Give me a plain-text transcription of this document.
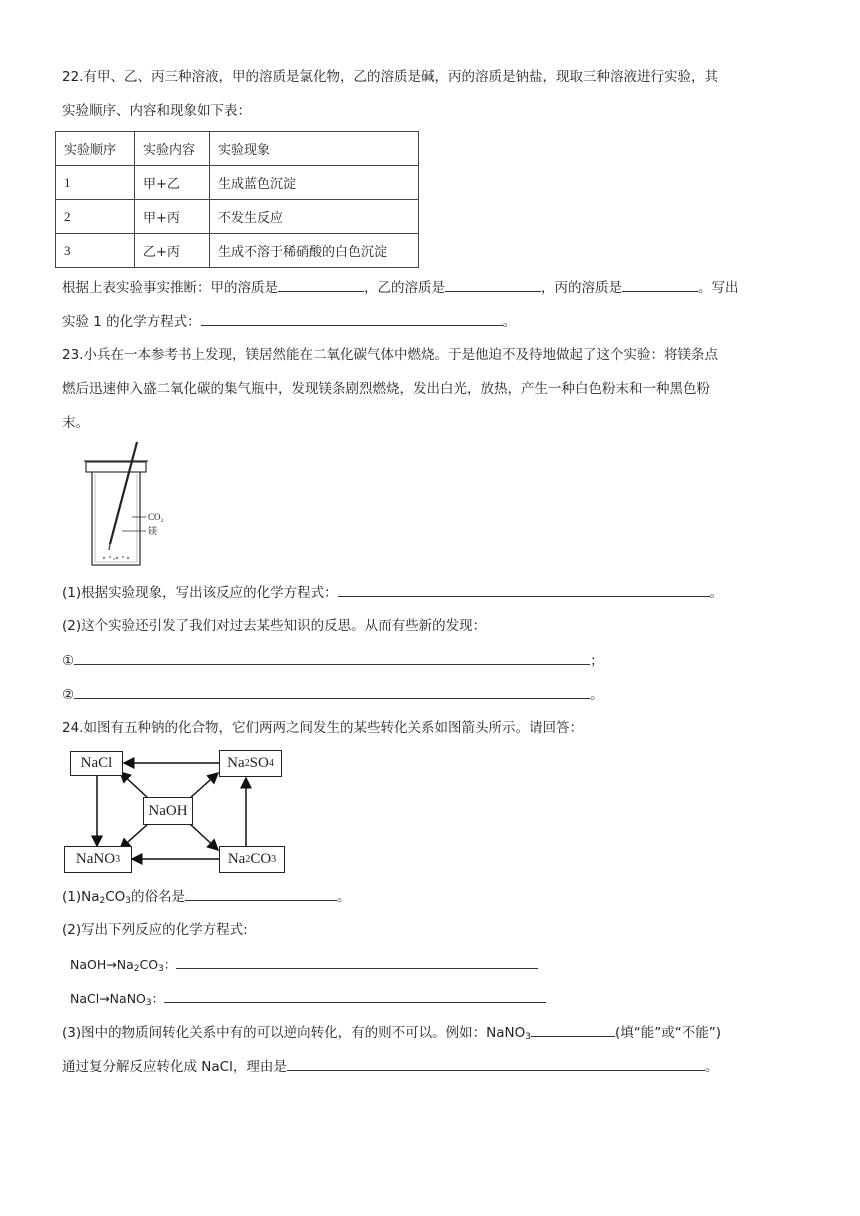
22.有甲、乙、丙三种溶液，甲的溶质是氯化物，乙的溶质是碱，丙的溶质是钠盐，现取三种溶液进行实验，其
实验顺序、内容和现象如下表：
实验顺序	实验内容	实验现象
1	甲+乙	生成蓝色沉淀
2	甲+丙	不发生反应
3	乙+丙	生成不溶于稀硝酸的白色沉淀
根据上表实验事实推断：甲的溶质是	，乙的溶质是	，丙的溶质是	。写出
实验 1 的化学方程式：	。
23.小兵在一本参考书上发现，镁居然能在二氧化碳气体中燃烧。于是他迫不及待地做起了这个实验：将镁条点
燃后迅速伸入盛二氧化碳的集气瓶中，发现镁条剧烈燃烧，发出白光，放热，产生一种白色粉末和一种黑色粉
末。
CO₂
镁
(1)根据实验现象，写出该反应的化学方程式：	。
(2)这个实验还引发了我们对过去某些知识的反思。从而有些新的发现：
①	；
②	。
24.如图有五种钠的化合物，它们两两之间发生的某些转化关系如图箭头所示。请回答：
NaCl	Na 2 SO 4
NaOH
NaNO 3	Na 2 CO 3
(1)Na2CO3的俗名是	。
(2)写出下列反应的化学方程式:
NaOH→Na2CO3：
NaCl→NaNO3：
(3)图中的物质间转化关系中有的可以逆向转化，有的则不可以。例如：NaNO3	(填“能”或“不能”)
通过复分解反应转化成 NaCl，理由是	。
